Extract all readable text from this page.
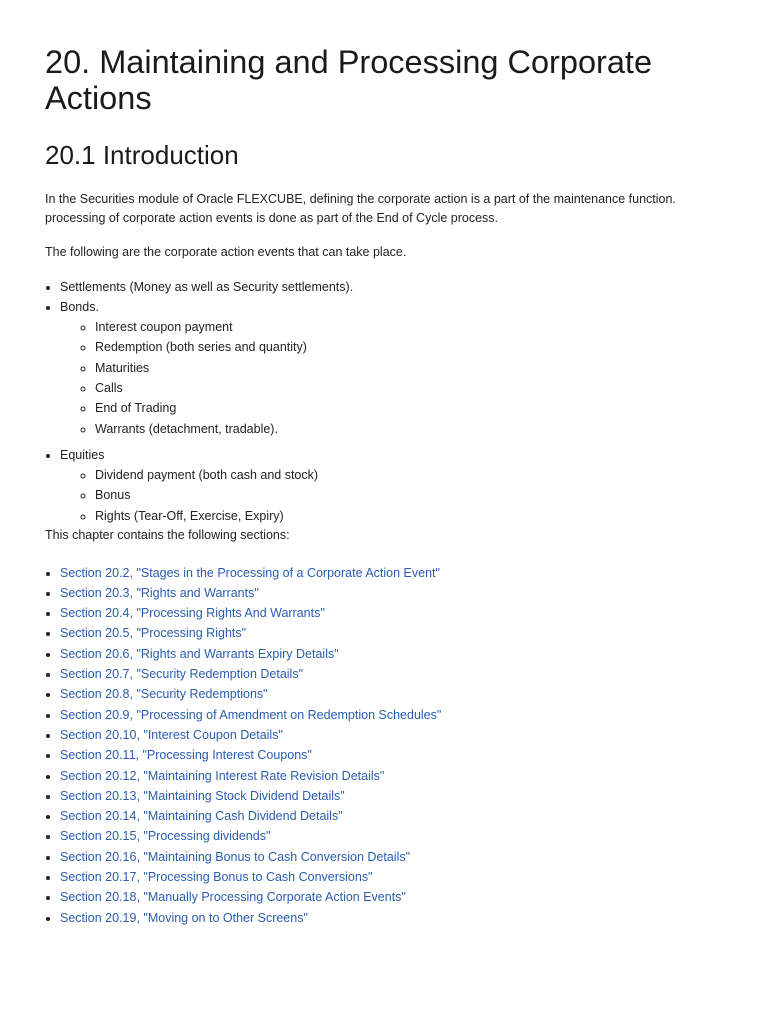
20. Maintaining and Processing Corporate Actions
20.1 Introduction

In the Securities module of Oracle FLEXCUBE, defining the corporate action is a part of the maintenance function. processing of corporate action events is done as part of the End of Cycle process.

The following are the corporate action events that can take place.

• Settlements (Money as well as Security settlements).
• Bonds.
◦ Interest coupon payment
◦ Redemption (both series and quantity)
◦ Maturities
◦ Calls
◦ End of Trading
◦ Warrants (detachment, tradable).
• Equities
◦ Dividend payment (both cash and stock)
◦ Bonus
◦ Rights (Tear-Off, Exercise, Expiry)

This chapter contains the following sections:

• Section 20.2, "Stages in the Processing of a Corporate Action Event"
• Section 20.3, "Rights and Warrants"
• Section 20.4, "Processing Rights And Warrants"
• Section 20.5, "Processing Rights"
• Section 20.6, "Rights and Warrants Expiry Details"
• Section 20.7, "Security Redemption Details"
• Section 20.8, "Security Redemptions"
• Section 20.9, "Processing of Amendment on Redemption Schedules"
• Section 20.10, "Interest Coupon Details"
• Section 20.11, "Processing Interest Coupons"
• Section 20.12, "Maintaining Interest Rate Revision Details"
• Section 20.13, "Maintaining Stock Dividend Details"
• Section 20.14, "Maintaining Cash Dividend Details"
• Section 20.15, "Processing dividends"
• Section 20.16, "Maintaining Bonus to Cash Conversion Details"
• Section 20.17, "Processing Bonus to Cash Conversions"
• Section 20.18, "Manually Processing Corporate Action Events"
• Section 20.19, "Moving on to Other Screens"
